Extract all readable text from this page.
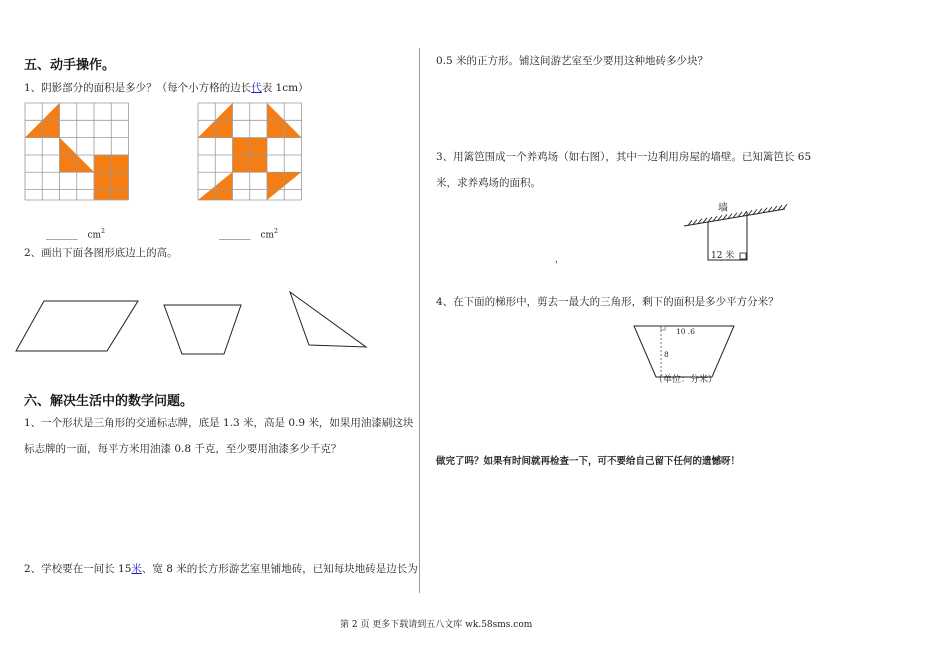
五、动手操作。
1、阴影部分的面积是多少？（每个小方格的边长代表 1cm）
______ $cm^2$	______ $cm^2$
2、画出下面各图形底边上的高。
六、解决生活中的数学问题。
1、一个形状是三角形的交通标志牌，底是 1.3 米，高是 0.9 米，如果用油漆刷这块
标志牌的一面，每平方米用油漆 0.8 千克，至少要用油漆多少千克？
2、学校要在一间长 15米、宽 8 米的长方形游艺室里铺地砖，已知每块地砖是边长为
0.5 米的正方形。铺这间游艺室至少要用这种地砖多少块？
3、用篱笆围成一个养鸡场（如右图），其中一边利用房屋的墙壁。已知篱笆长 65
米，求养鸡场的面积。
墙
12 米
，
4、在下面的梯形中，剪去一最大的三角形，剩下的面积是多少平方分米？
10 .6
8
（单位：分米）
做完了吗？如果有时间就再检查一下，可不要给自己留下任何的遗憾呀！
第 2 页 更多下载请到五八文库 wk.58sms.com
